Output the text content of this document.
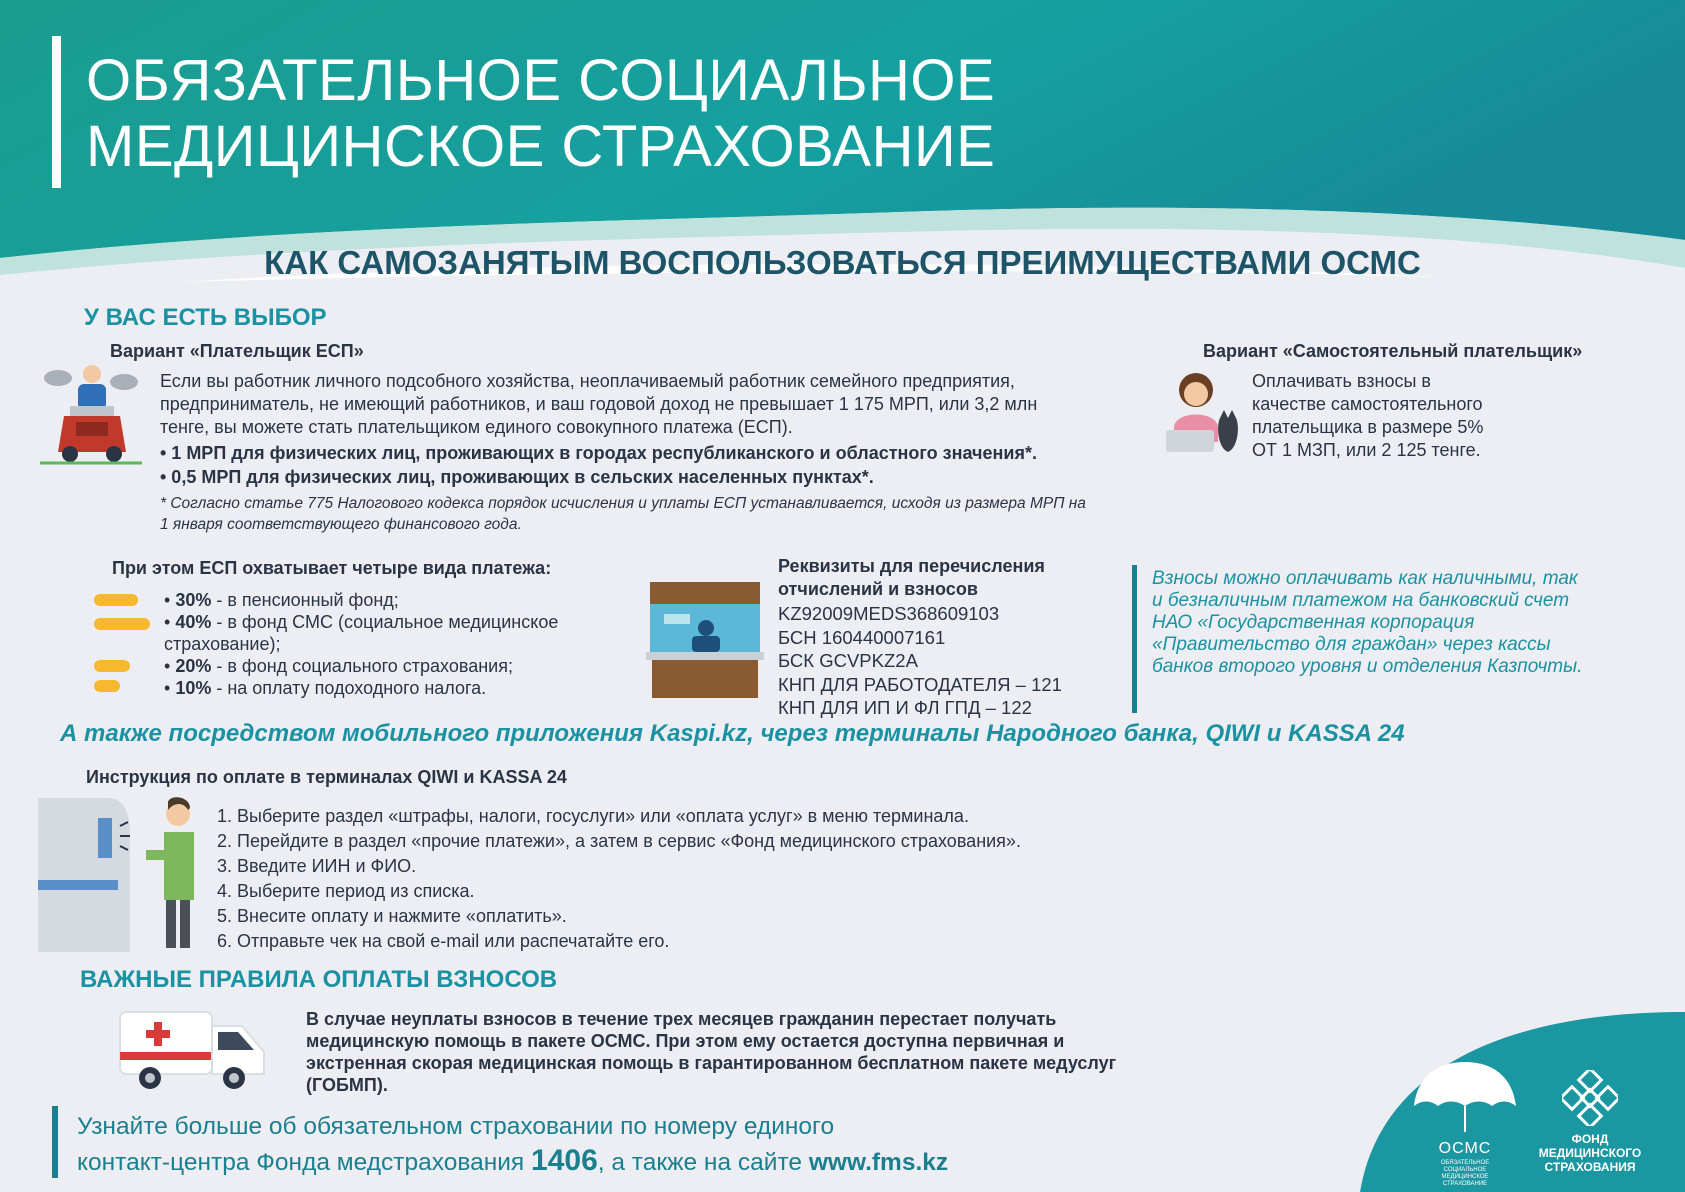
ОБЯЗАТЕЛЬНОЕ СОЦИАЛЬНОЕ
МЕДИЦИНСКОЕ СТРАХОВАНИЕ
КАК САМОЗАНЯТЫМ ВОСПОЛЬЗОВАТЬСЯ ПРЕИМУЩЕСТВАМИ ОСМС
У ВАС ЕСТЬ ВЫБОР
Вариант «Плательщик ЕСП»
Если вы работник личного подсобного хозяйства, неоплачиваемый работник семейного предприятия, предприниматель, не имеющий работников, и ваш годовой доход не превышает 1 175 МРП, или 3,2 млн тенге, вы можете стать плательщиком единого совокупного платежа (ЕСП).
• 1 МРП для физических лиц, проживающих в городах республиканского и областного значения*.
• 0,5 МРП для физических лиц, проживающих в сельских населенных пунктах*.
* Согласно статье 775 Налогового кодекса порядок исчисления и уплаты ЕСП устанавливается, исходя из размера МРП на 1 января соответствующего финансового года.
Вариант «Самостоятельный плательщик»
Оплачивать взносы в
качестве самостоятельного
плательщика в размере 5%
ОТ 1 МЗП, или 2 125 тенге.
При этом ЕСП охватывает четыре вида платежа:
• 30% - в пенсионный фонд;
• 40% - в фонд СМС (социальное медицинское страхование);
• 20% - в фонд социального страхования;
• 10% - на оплату подоходного налога.
Реквизиты для перечисления
отчислений и взносов
KZ92009MEDS368609103
БСН 160440007161
БСК GCVPKZ2A
КНП ДЛЯ РАБОТОДАТЕЛЯ – 121
КНП ДЛЯ ИП И ФЛ ГПД – 122
Взносы можно оплачивать как наличными, так и безналичным платежом на банковский счет НАО «Государственная корпорация «Правительство для граждан» через кассы банков второго уровня и отделения Казпочты.
А также посредством мобильного приложения Kaspi.kz, через терминалы Народного банка, QIWI и KASSA 24
Инструкция по оплате в терминалах QIWI и KASSA 24
1. Выберите раздел «штрафы, налоги, госуслуги» или «оплата услуг» в меню терминала.
2. Перейдите в раздел «прочие платежи», а затем в сервис «Фонд медицинского страхования».
3. Введите ИИН и ФИО.
4. Выберите период из списка.
5. Внесите оплату и нажмите «оплатить».
6. Отправьте чек на свой e-mail или распечатайте его.
ВАЖНЫЕ ПРАВИЛА ОПЛАТЫ ВЗНОСОВ
В случае неуплаты взносов в течение трех месяцев гражданин перестает получать медицинскую помощь в пакете ОСМС. При этом ему остается доступна первичная и экстренная скорая медицинская помощь в гарантированном бесплатном пакете медуслуг (ГОБМП).
Узнайте больше об обязательном страховании по номеру единого
контакт-центра Фонда медстрахования 1406, а также на сайте www.fms.kz
ОСМС
ОБЯЗАТЕЛЬНОЕ СОЦИАЛЬНОЕ МЕДИЦИНСКОЕ СТРАХОВАНИЕ
ФОНД
МЕДИЦИНСКОГО
СТРАХОВАНИЯ
